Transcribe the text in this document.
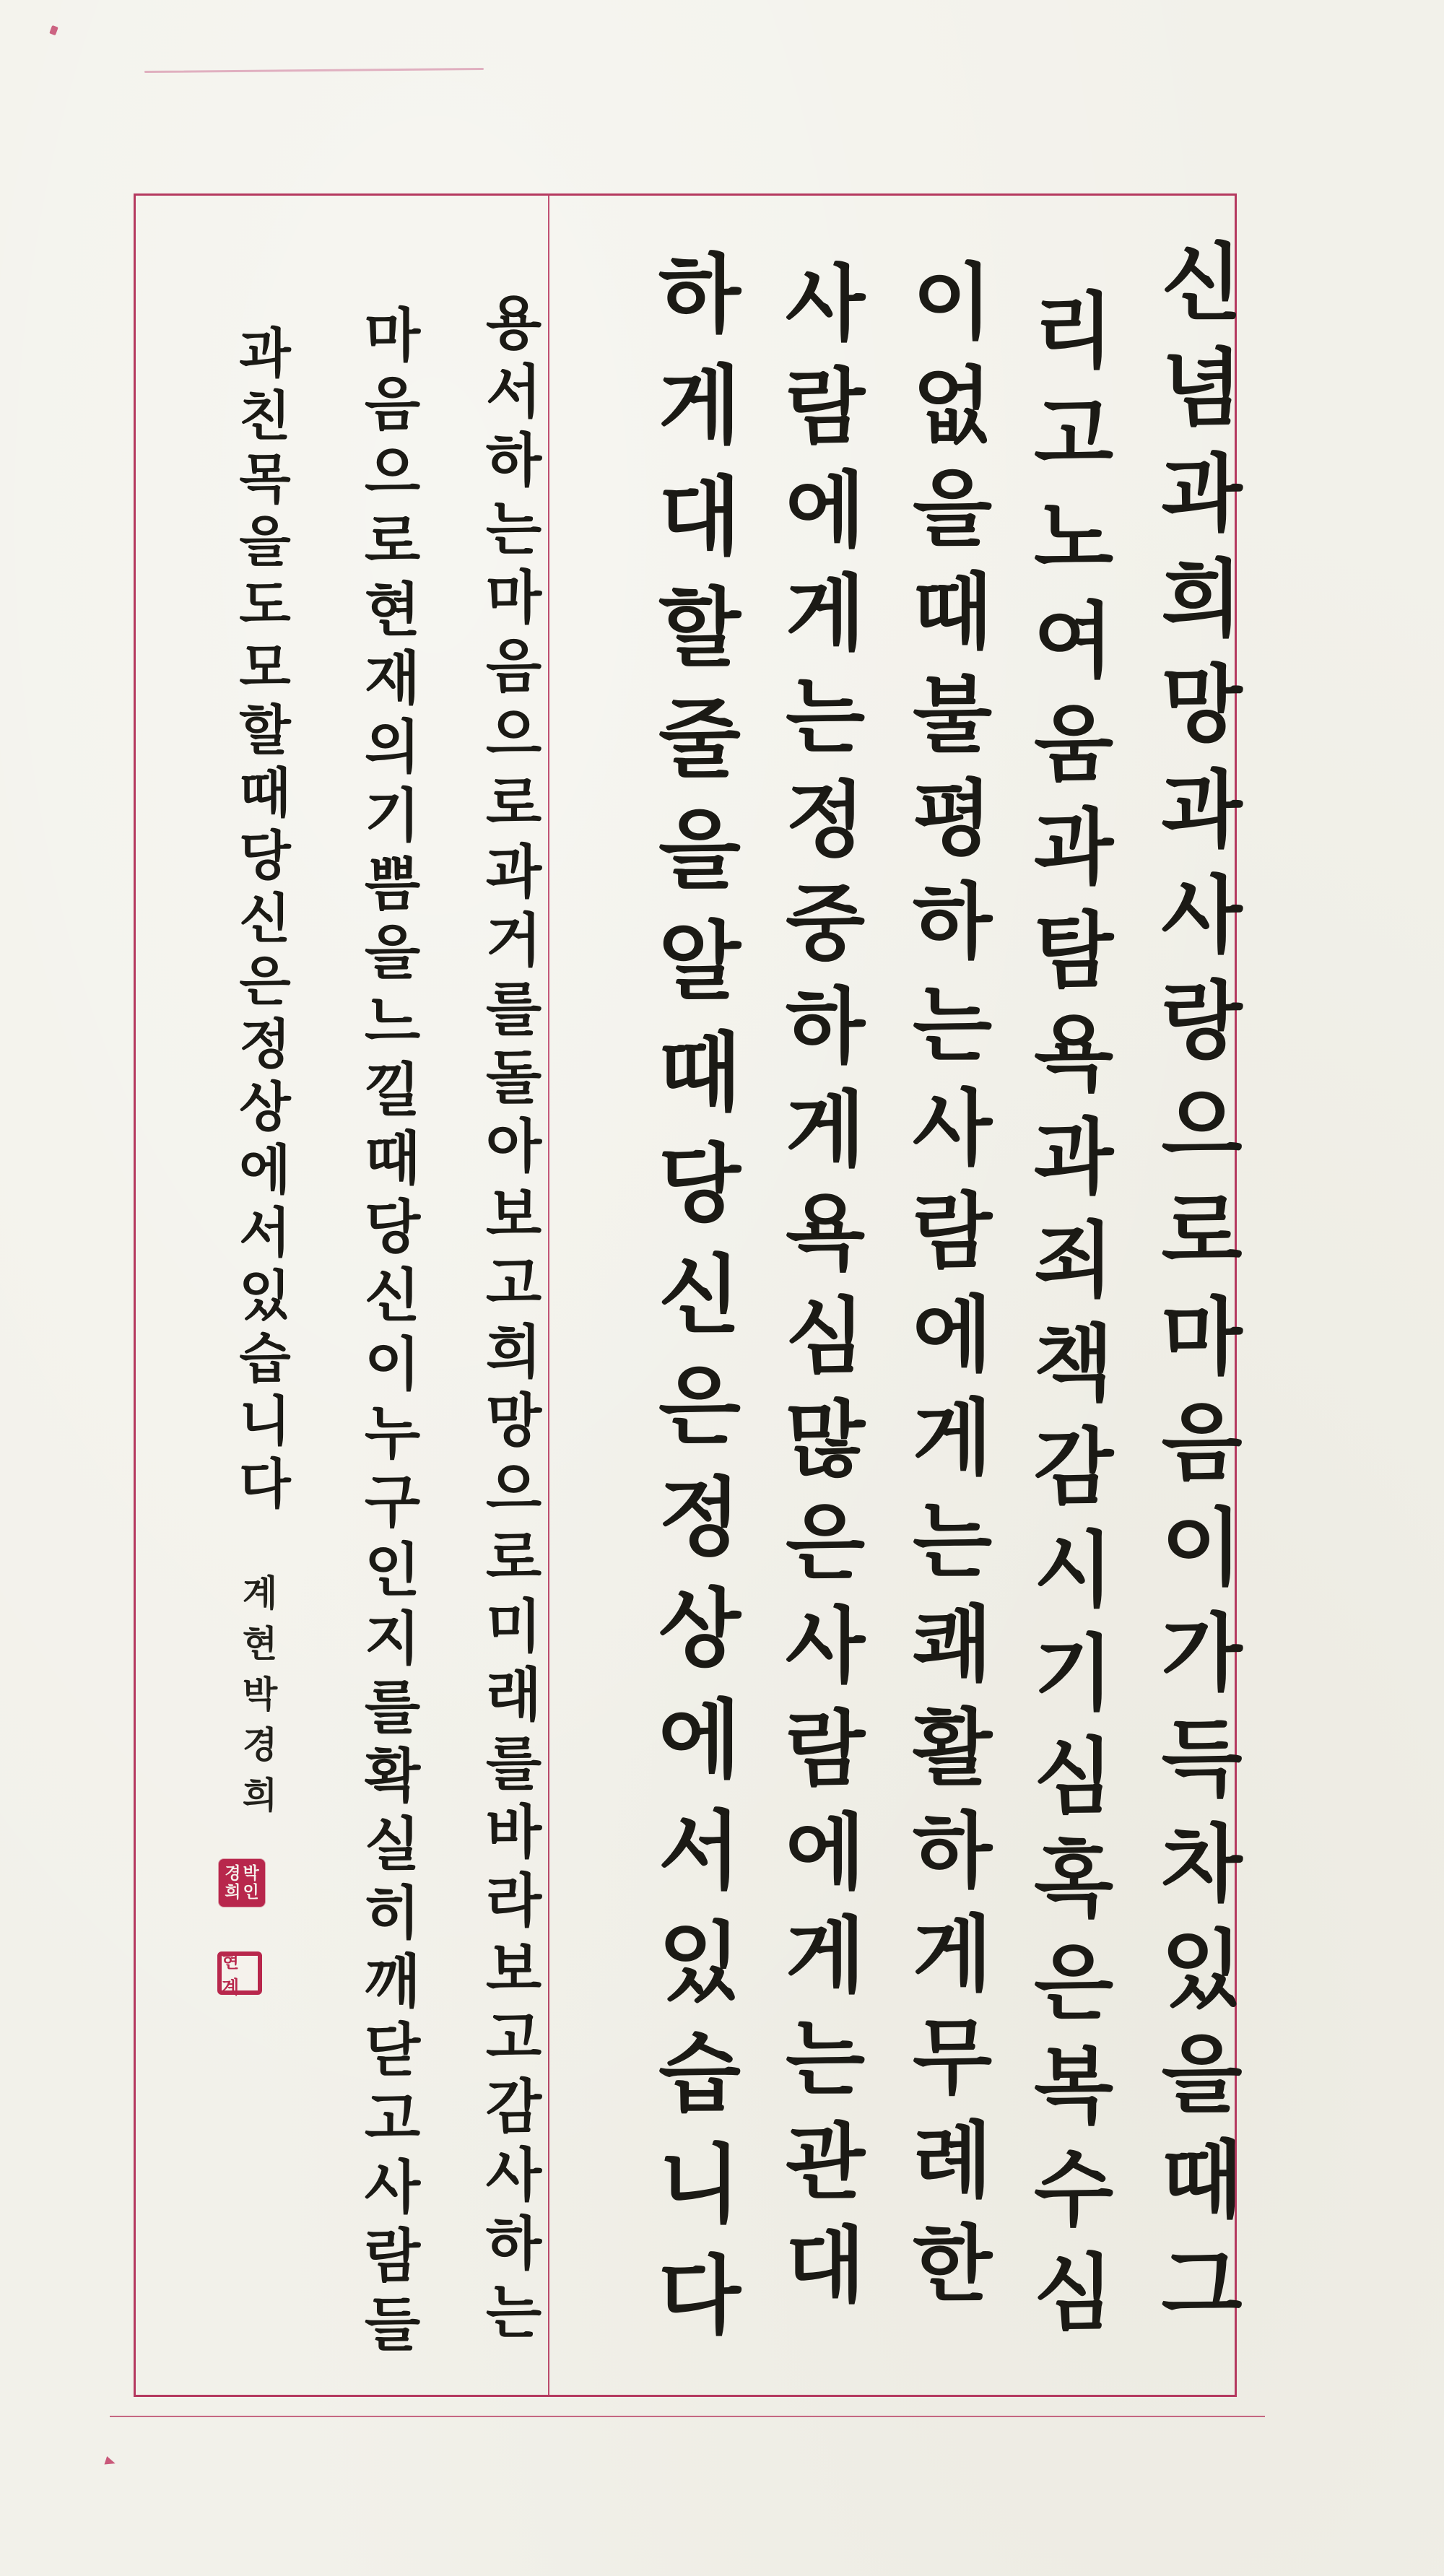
신념과희망과사랑으로마음이가득차있을때그
리고노여움과탐욕과죄책감시기심혹은복수심
이없을때불평하는사람에게는쾌활하게무례한
사람에게는정중하게욕심많은사람에게는관대
하게대할줄을알때당신은정상에서있습니다
용서하는마음으로과거를돌아보고희망으로미래를바라보고감사하는
마음으로현재의기쁨을느낄때당신이누구인지를확실히깨닫고사람들
과친목을도모할때당신은정상에서있습니다
계현박경희
경박
희인
현계
